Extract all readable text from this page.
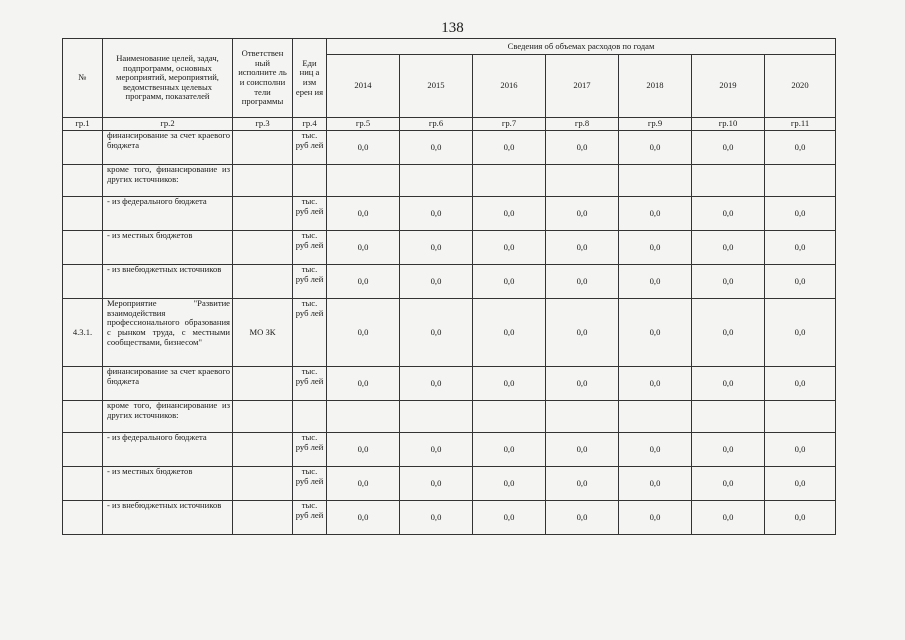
138
№	Наименование целей, задач, подпрограмм, основных мероприятий, мероприятий, ведомственных целевых программ, показателей	Ответствен ный исполните ль и соисполни тели программы	Еди ниц а изм ерен ия	Сведения об объемах расходов по годам						
				2014	2015	2016	2017	2018	2019	2020
гр.1	гр.2	гр.3	гр.4	гр.5	гр.6	гр.7	гр.8	гр.9	гр.10	гр.11
	финансирование за счет краевого бюджета		тыс. руб лей	0,0	0,0	0,0	0,0	0,0	0,0	0,0
	кроме того, финансирование из других источников:									
	- из федерального бюджета		тыс. руб лей	0,0	0,0	0,0	0,0	0,0	0,0	0,0
	- из местных бюджетов		тыс. руб лей	0,0	0,0	0,0	0,0	0,0	0,0	0,0
	- из внебюджетных источников		тыс. руб лей	0,0	0,0	0,0	0,0	0,0	0,0	0,0
4.3.1.	Мероприятие "Развитие взаимодействия профессионального образования с рынком труда, с местными сообществами, бизнесом"	МО ЗК	тыс. руб лей	0,0	0,0	0,0	0,0	0,0	0,0	0,0
	финансирование за счет краевого бюджета		тыс. руб лей	0,0	0,0	0,0	0,0	0,0	0,0	0,0
	кроме того, финансирование из других источников:									
	- из федерального бюджета		тыс. руб лей	0,0	0,0	0,0	0,0	0,0	0,0	0,0
	- из местных бюджетов		тыс. руб лей	0,0	0,0	0,0	0,0	0,0	0,0	0,0
	- из внебюджетных источников		тыс. руб лей	0,0	0,0	0,0	0,0	0,0	0,0	0,0
